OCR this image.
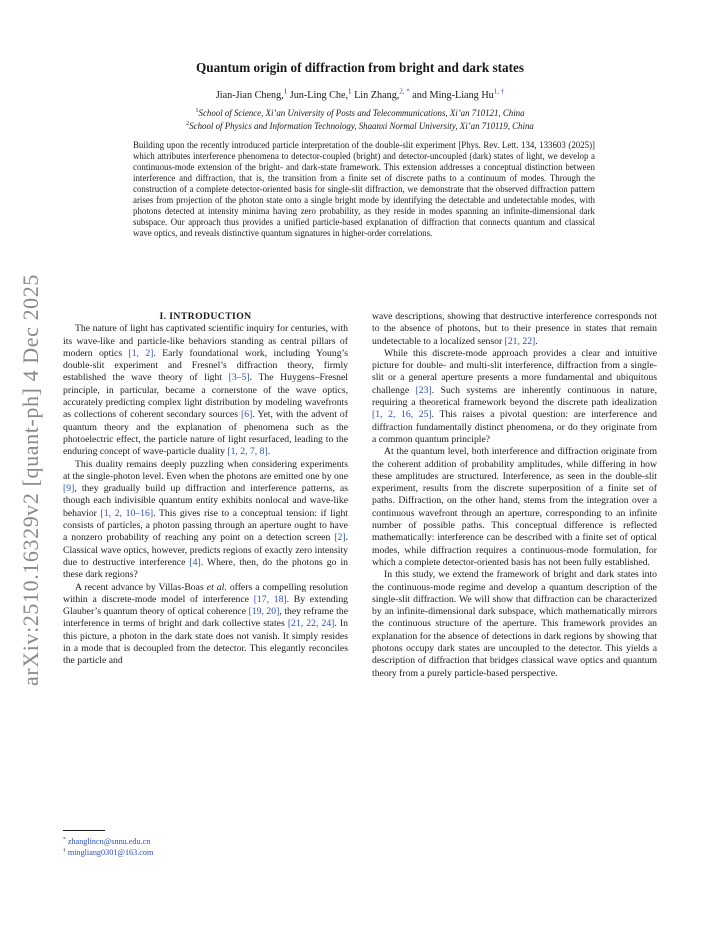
arXiv:2510.16329v2 [quant-ph] 4 Dec 2025
Quantum origin of diffraction from bright and dark states
Jian-Jian Cheng,$^1$ Jun-Ling Che,$^1$ Lin Zhang,$^{2, *}$ and Ming-Liang Hu$^{1, \dagger}$
$^1$School of Science, Xi’an University of Posts and Telecommunications, Xi’an 710121, China
$^2$School of Physics and Information Technology, Shaanxi Normal University, Xi’an 710119, China

Building upon the recently introduced particle interpretation of the double-slit experiment [Phys. Rev. Lett. 134, 133603 (2025)] which attributes interference phenomena to detector-coupled (bright) and detector-uncoupled (dark) states of light, we develop a continuous-mode extension of the bright- and dark-state framework. This extension addresses a conceptual distinction between interference and diffraction, that is, the transition from a finite set of discrete paths to a continuum of modes. Through the construction of a complete detector-oriented basis for single-slit diffraction, we demonstrate that the observed diffraction pattern arises from projection of the photon state onto a single bright mode by identifying the detectable and undetectable modes, with photons detected at intensity minima having zero probability, as they reside in modes spanning an infinite-dimensional dark subspace. Our approach thus provides a unified particle-based explanation of diffraction that connects quantum and classical wave optics, and reveals distinctive quantum signatures in higher-order correlations.

I. INTRODUCTION

The nature of light has captivated scientific inquiry for centuries, with its wave-like and particle-like behaviors standing as central pillars of modern optics [1, 2]. Early foundational work, including Young’s double-slit experiment and Fresnel’s diffraction theory, firmly established the wave theory of light [3–5]. The Huygens–Fresnel principle, in particular, became a cornerstone of the wave optics, accurately predicting complex light distribution by modeling wavefronts as collections of coherent secondary sources [6]. Yet, with the advent of quantum theory and the explanation of phenomena such as the photoelectric effect, the particle nature of light resurfaced, leading to the enduring concept of wave-particle duality [1, 2, 7, 8].

This duality remains deeply puzzling when considering experiments at the single-photon level. Even when the photons are emitted one by one [9], they gradually build up diffraction and interference patterns, as though each indivisible quantum entity exhibits nonlocal and wave-like behavior [1, 2, 10–16]. This gives rise to a conceptual tension: if light consists of particles, a photon passing through an aperture ought to have a nonzero probability of reaching any point on a detection screen [2]. Classical wave optics, however, predicts regions of exactly zero intensity due to destructive interference [4]. Where, then, do the photons go in these dark regions?

A recent advance by Villas-Boas et al. offers a compelling resolution within a discrete-mode model of interference [17, 18]. By extending Glauber’s quantum theory of optical coherence [19, 20], they reframe the interference in terms of bright and dark collective states [21, 22, 24]. In this picture, a photon in the dark state does not vanish. It simply resides in a mode that is decoupled from the detector. This elegantly reconciles the particle and

wave descriptions, showing that destructive interference corresponds not to the absence of photons, but to their presence in states that remain undetectable to a localized sensor [21, 22].

While this discrete-mode approach provides a clear and intuitive picture for double- and multi-slit interference, diffraction from a single-slit or a general aperture presents a more fundamental and ubiquitous challenge [23]. Such systems are inherently continuous in nature, requiring a theoretical framework beyond the discrete path idealization [1, 2, 16, 25]. This raises a pivotal question: are interference and diffraction fundamentally distinct phenomena, or do they originate from a common quantum principle?

At the quantum level, both interference and diffraction originate from the coherent addition of probability amplitudes, while differing in how these amplitudes are structured. Interference, as seen in the double-slit experiment, results from the discrete superposition of a finite set of paths. Diffraction, on the other hand, stems from the integration over a continuous wavefront through an aperture, corresponding to an infinite number of possible paths. This conceptual difference is reflected mathematically: interference can be described with a finite set of optical modes, while diffraction requires a continuous-mode formulation, for which a complete detector-oriented basis has not been fully established.

In this study, we extend the framework of bright and dark states into the continuous-mode regime and develop a quantum description of the single-slit diffraction. We will show that diffraction can be characterized by an infinite-dimensional dark subspace, which mathematically mirrors the continuous structure of the aperture. This framework provides an explanation for the absence of detections in dark regions by showing that photons occupy dark states are uncoupled to the detector. This yields a description of diffraction that bridges classical wave optics and quantum theory from a purely particle-based perspective.

* zhanglincn@snnu.edu.cn
† mingliang0301@163.com
